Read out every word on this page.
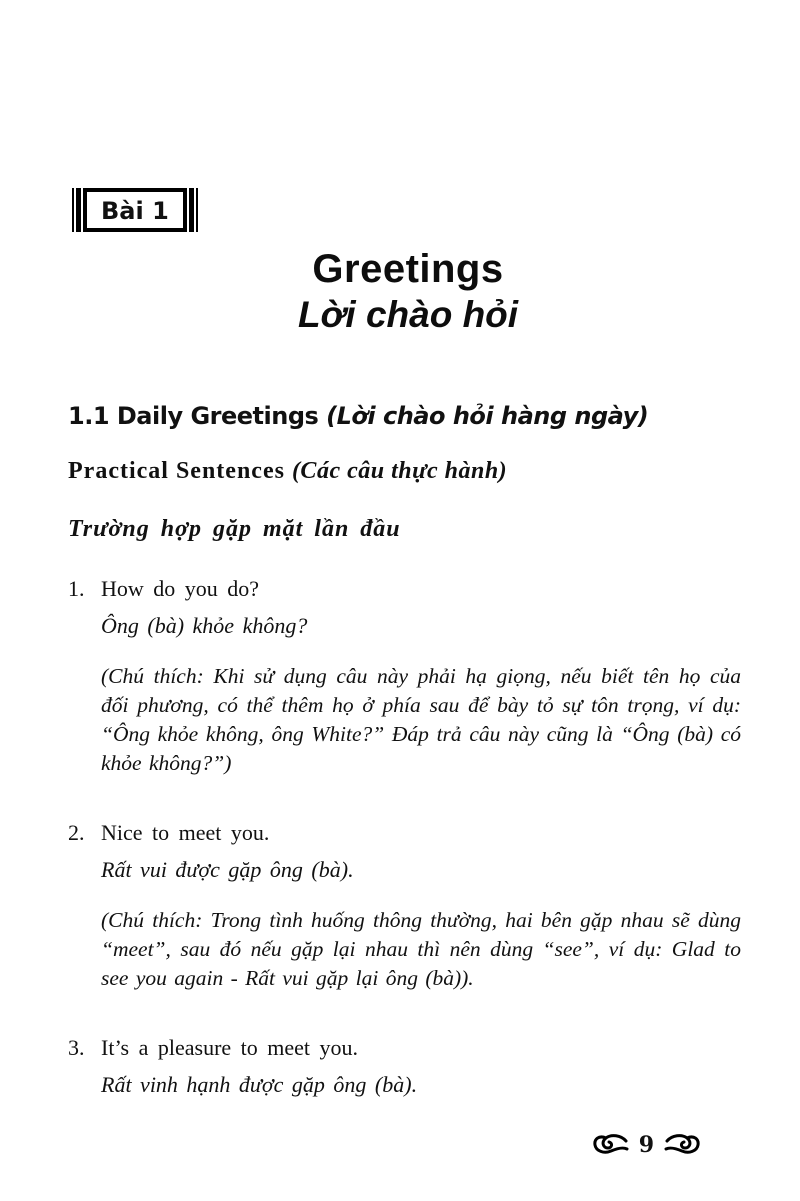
Bài 1
Greetings
Lời chào hỏi
1.1 Daily Greetings (Lời chào hỏi hàng ngày)
Practical Sentences (Các câu thực hành)
Trường hợp gặp mặt lần đầu
1. How do you do?
Ông (bà) khỏe không?
(Chú thích: Khi sử dụng câu này phải hạ giọng, nếu biết tên họ của đối phương, có thể thêm họ ở phía sau để bày tỏ sự tôn trọng, ví dụ: “Ông khỏe không, ông White?” Đáp trả câu này cũng là “Ông (bà) có khỏe không?”)
2. Nice to meet you.
Rất vui được gặp ông (bà).
(Chú thích: Trong tình huống thông thường, hai bên gặp nhau sẽ dùng “meet”, sau đó nếu gặp lại nhau thì nên dùng “see”, ví dụ: Glad to see you again - Rất vui gặp lại ông (bà)).
3. It’s a pleasure to meet you.
Rất vinh hạnh được gặp ông (bà).
9
